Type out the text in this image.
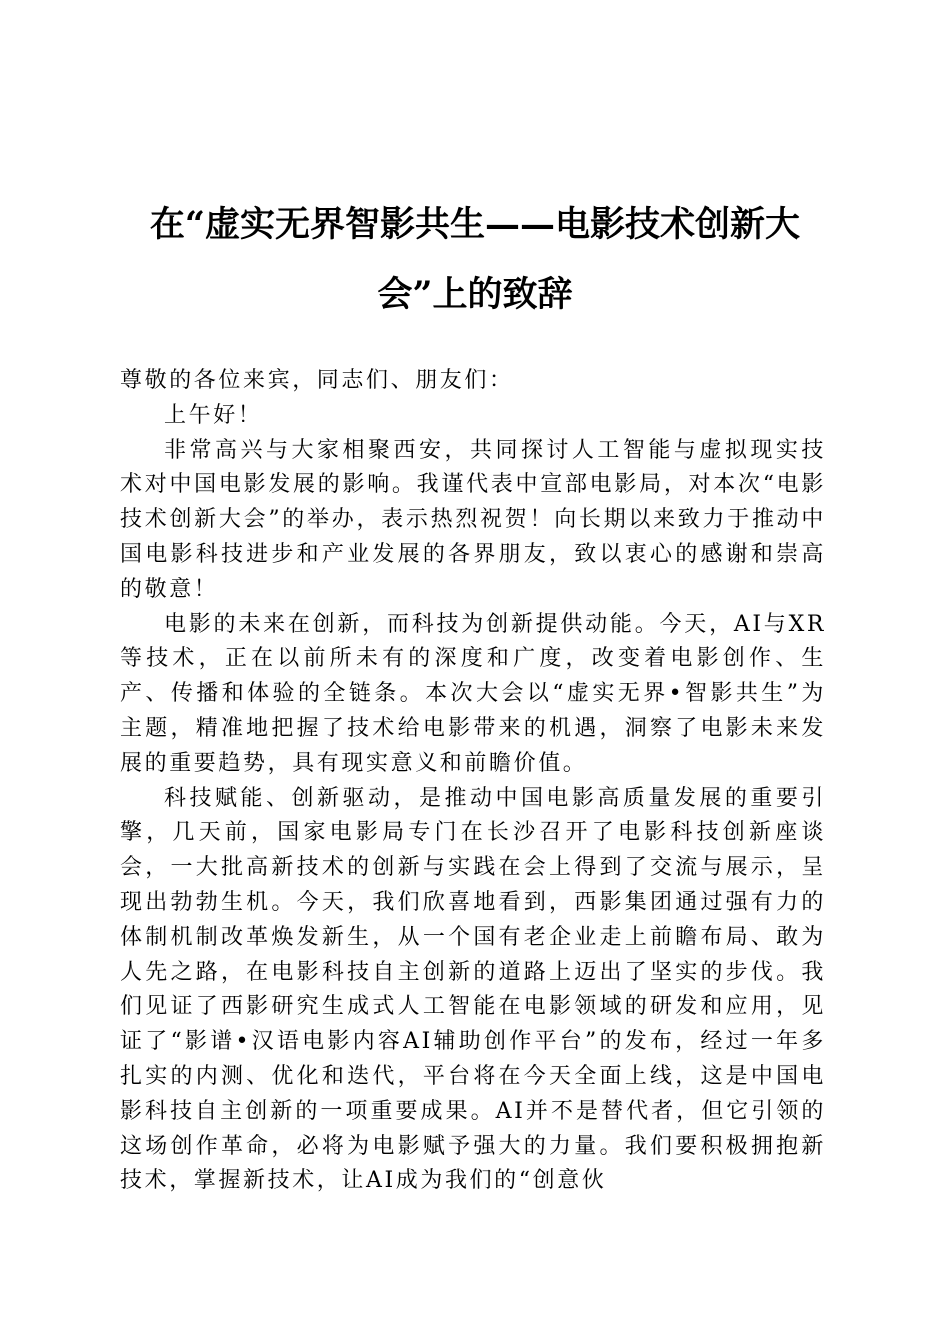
在“虚实无界智影共生——电影技术创新大
会”上的致辞

尊敬的各位来宾，同志们、朋友们：

上午好！

非常高兴与大家相聚西安，共同探讨人工智能与虚拟现实技术对中国电影发展的影响。我谨代表中宣部电影局，对本次“电影技术创新大会”的举办，表示热烈祝贺！向长期以来致力于推动中国电影科技进步和产业发展的各界朋友，致以衷心的感谢和崇高的敬意！

电影的未来在创新，而科技为创新提供动能。今天，AI与XR等技术，正在以前所未有的深度和广度，改变着电影创作、生产、传播和体验的全链条。本次大会以“虚实无界•智影共生”为主题，精准地把握了技术给电影带来的机遇，洞察了电影未来发展的重要趋势，具有现实意义和前瞻价值。

科技赋能、创新驱动，是推动中国电影高质量发展的重要引擎，几天前，国家电影局专门在长沙召开了电影科技创新座谈会，一大批高新技术的创新与实践在会上得到了交流与展示，呈现出勃勃生机。今天，我们欣喜地看到，西影集团通过强有力的体制机制改革焕发新生，从一个国有老企业走上前瞻布局、敢为人先之路，在电影科技自主创新的道路上迈出了坚实的步伐。我们见证了西影研究生成式人工智能在电影领域的研发和应用，见证了“影谱•汉语电影内容AI辅助创作平台”的发布，经过一年多扎实的内测、优化和迭代，平台将在今天全面上线，这是中国电影科技自主创新的一项重要成果。AI并不是替代者，但它引领的这场创作革命，必将为电影赋予强大的力量。我们要积极拥抱新技术，掌握新技术，让AI成为我们的“创意伙
